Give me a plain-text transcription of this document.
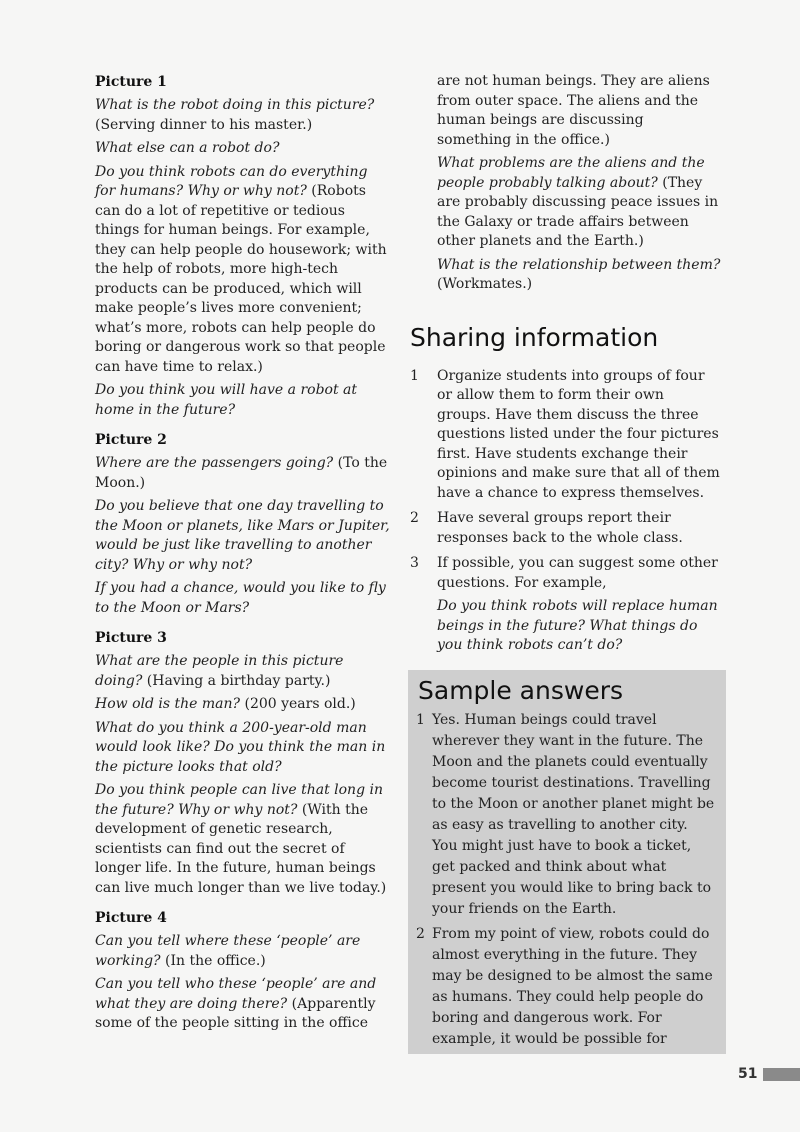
Picture 1

What is the robot doing in this picture? (Serving dinner to his master.)

What else can a robot do?

Do you think robots can do everything for humans? Why or why not? (Robots can do a lot of repetitive or tedious things for human beings. For example, they can help people do housework; with the help of robots, more high-tech products can be produced, which will make people’s lives more convenient; what’s more, robots can help people do boring or dangerous work so that people can have time to relax.)

Do you think you will have a robot at home in the future?

Picture 2

Where are the passengers going? (To the Moon.)

Do you believe that one day travelling to the Moon or planets, like Mars or Jupiter, would be just like travelling to another city? Why or why not?

If you had a chance, would you like to fly to the Moon or Mars?

Picture 3

What are the people in this picture doing? (Having a birthday party.)

How old is the man? (200 years old.)

What do you think a 200-year-old man would look like? Do you think the man in the picture looks that old?

Do you think people can live that long in the future? Why or why not? (With the development of genetic research, scientists can find out the secret of longer life. In the future, human beings can live much longer than we live today.)

Picture 4

Can you tell where these ‘people’ are working? (In the office.)

Can you tell who these ‘people’ are and what they are doing there? (Apparently some of the people sitting in the office

are not human beings. They are aliens from outer space. The aliens and the human beings are discussing something in the office.)

What problems are the aliens and the people probably talking about? (They are probably discussing peace issues in the Galaxy or trade affairs between other planets and the Earth.)

What is the relationship between them? (Workmates.)

Sharing information
1	Organize students into groups of four or allow them to form their own groups. Have them discuss the three questions listed under the four pictures first. Have students exchange their opinions and make sure that all of them have a chance to express themselves.
2	Have several groups report their responses back to the whole class.
3	If possible, you can suggest some other questions. For example,
Do you think robots will replace human beings in the future? What things do you think robots can’t do?
Sample answers
1 Yes. Human beings could travel wherever they want in the future. The Moon and the planets could eventually become tourist destinations. Travelling to the Moon or another planet might be as easy as travelling to another city. You might just have to book a ticket, get packed and think about what present you would like to bring back to your friends on the Earth.
2 From my point of view, robots could do almost everything in the future. They may be designed to be almost the same as humans. They could help people do boring and dangerous work. For example, it would be possible for
51
